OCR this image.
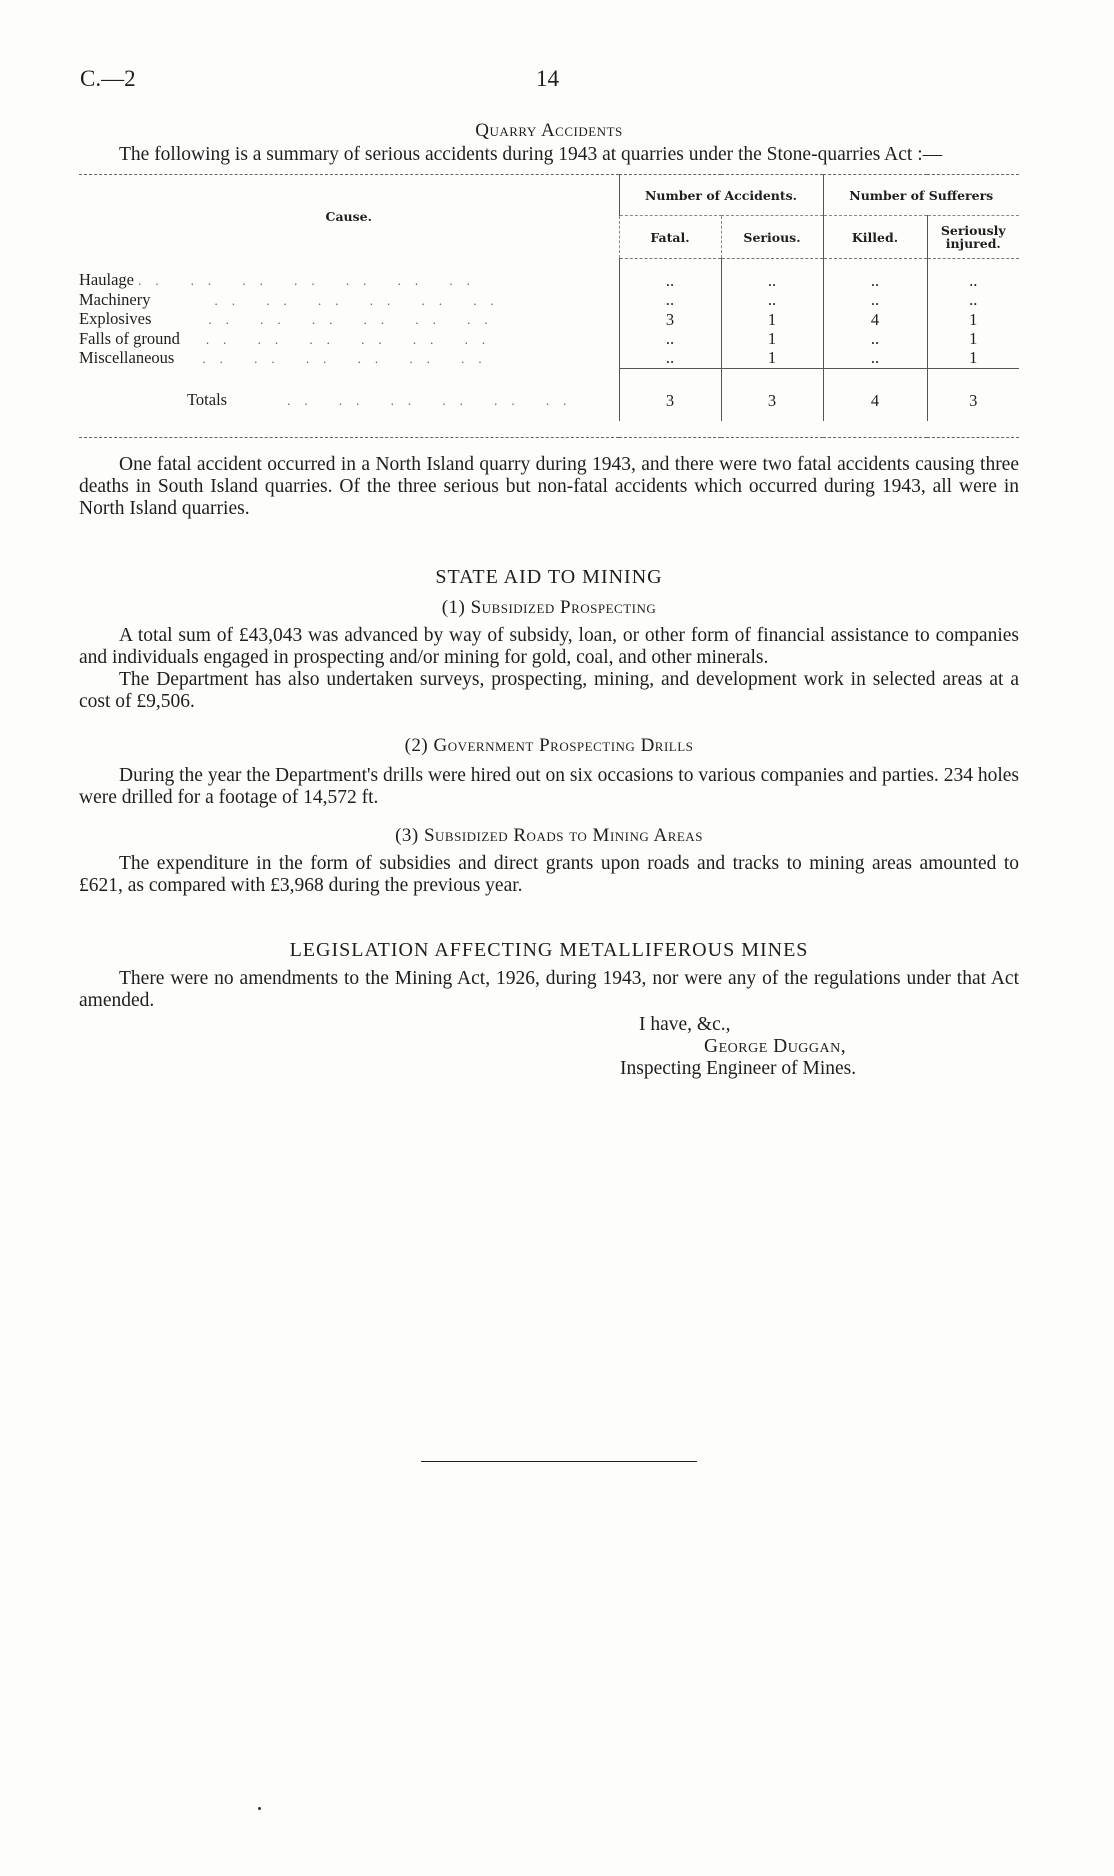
C.—2	14

Quarry Accidents

The following is a summary of serious accidents during 1943 at quarries under the Stone-quarries Act :—

Cause.	Number of Accidents.		Number of Sufferers	
	Fatal.	Serious.	Killed.	Seriously injured.

Haulage .. .. .. .. .. .. ..	..	..	..	..
Machinery .. .. .. .. .. ..	..	..	..	..
Explosives .. .. .. .. .. ..	3	1	4	1
Falls of ground .. .. .. .. .. ..	..	1	..	1
Miscellaneous .. .. .. .. .. ..	..	1	..	1

Totals .. .. .. .. .. ..	3	3	4	3

One fatal accident occurred in a North Island quarry during 1943, and there were two fatal accidents causing three deaths in South Island quarries. Of the three serious but non-fatal accidents which occurred during 1943, all were in North Island quarries.

STATE AID TO MINING

(1) Subsidized Prospecting

A total sum of £43,043 was advanced by way of subsidy, loan, or other form of financial assistance to companies and individuals engaged in prospecting and/or mining for gold, coal, and other minerals.

The Department has also undertaken surveys, prospecting, mining, and development work in selected areas at a cost of £9,506.

(2) Government Prospecting Drills

During the year the Department's drills were hired out on six occasions to various companies and parties. 234 holes were drilled for a footage of 14,572 ft.

(3) Subsidized Roads to Mining Areas

The expenditure in the form of subsidies and direct grants upon roads and tracks to mining areas amounted to £621, as compared with £3,968 during the previous year.

LEGISLATION AFFECTING METALLIFEROUS MINES

There were no amendments to the Mining Act, 1926, during 1943, nor were any of the regulations under that Act amended.

I have, &c.,
George Duggan,
Inspecting Engineer of Mines.
